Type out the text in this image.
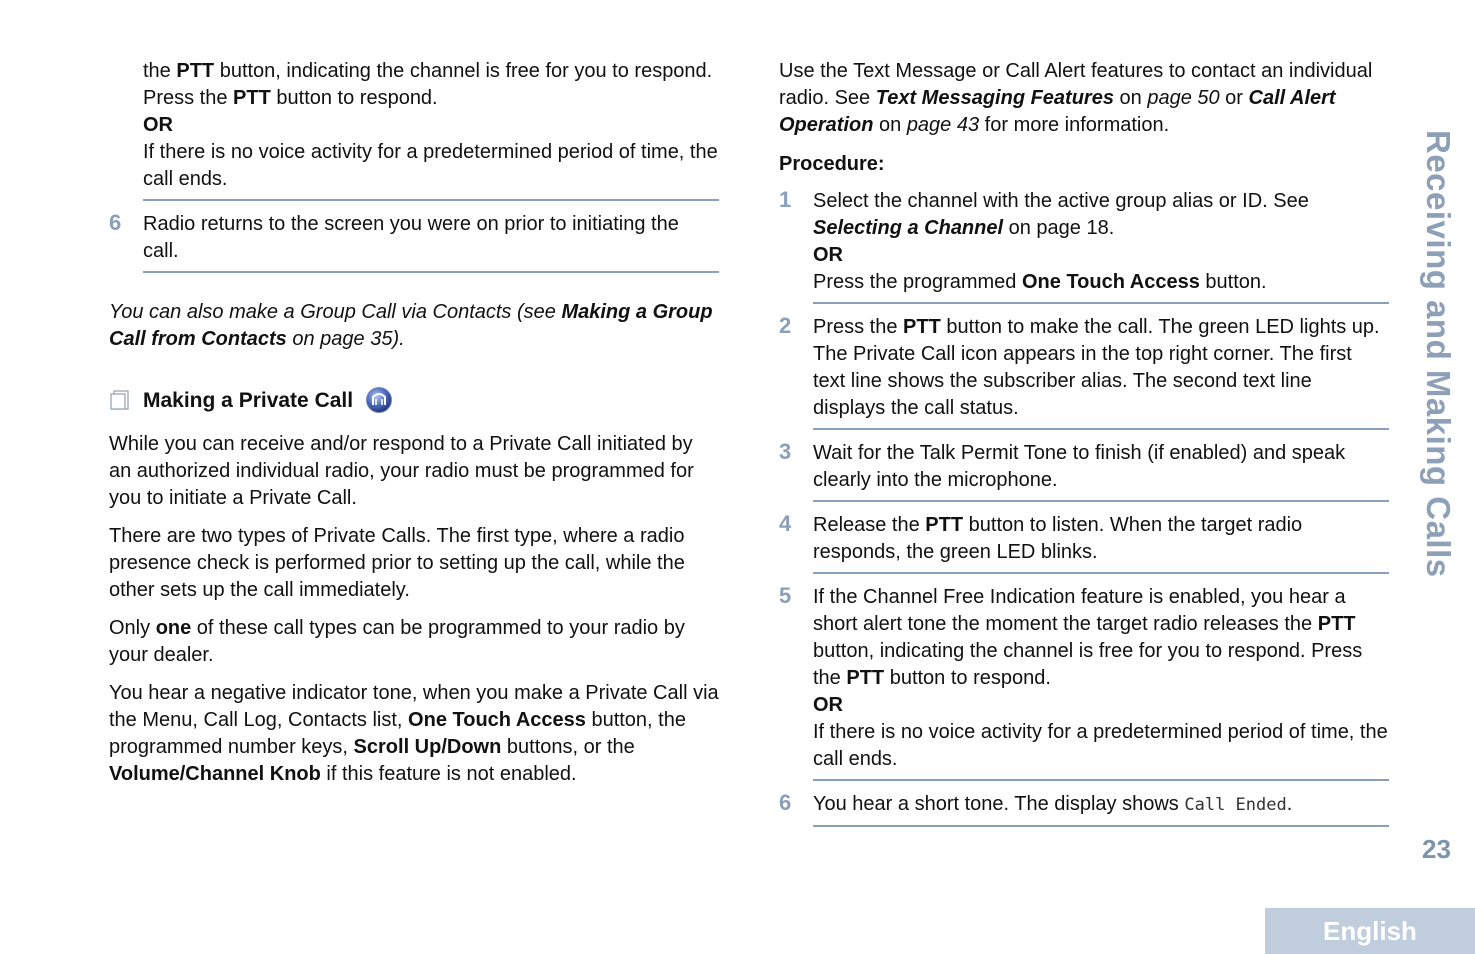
the PTT button, indicating the channel is free for you to respond. Press the PTT button to respond.
OR
If there is no voice activity for a predetermined period of time, the call ends.
6	Radio returns to the screen you were on prior to initiating the call.
You can also make a Group Call via Contacts (see Making a Group Call from Contacts on page 35).
Making a Private Call
While you can receive and/or respond to a Private Call initiated by an authorized individual radio, your radio must be programmed for you to initiate a Private Call.
There are two types of Private Calls. The first type, where a radio presence check is performed prior to setting up the call, while the other sets up the call immediately.
Only one of these call types can be programmed to your radio by your dealer.
You hear a negative indicator tone, when you make a Private Call via the Menu, Call Log, Contacts list, One Touch Access button, the programmed number keys, Scroll Up/Down buttons, or the Volume/Channel Knob if this feature is not enabled.
Use the Text Message or Call Alert features to contact an individual radio. See Text Messaging Features on page 50 or Call Alert Operation on page 43 for more information.
Procedure:
1	Select the channel with the active group alias or ID. See Selecting a Channel on page 18.
OR
Press the programmed One Touch Access button.
2	Press the PTT button to make the call. The green LED lights up. The Private Call icon appears in the top right corner. The first text line shows the subscriber alias. The second text line displays the call status.
3	Wait for the Talk Permit Tone to finish (if enabled) and speak clearly into the microphone.
4	Release the PTT button to listen. When the target radio responds, the green LED blinks.
5	If the Channel Free Indication feature is enabled, you hear a short alert tone the moment the target radio releases the PTT button, indicating the channel is free for you to respond. Press the PTT button to respond.
OR
If there is no voice activity for a predetermined period of time, the call ends.
6	You hear a short tone. The display shows Call Ended.
Receiving and Making Calls
23
English
